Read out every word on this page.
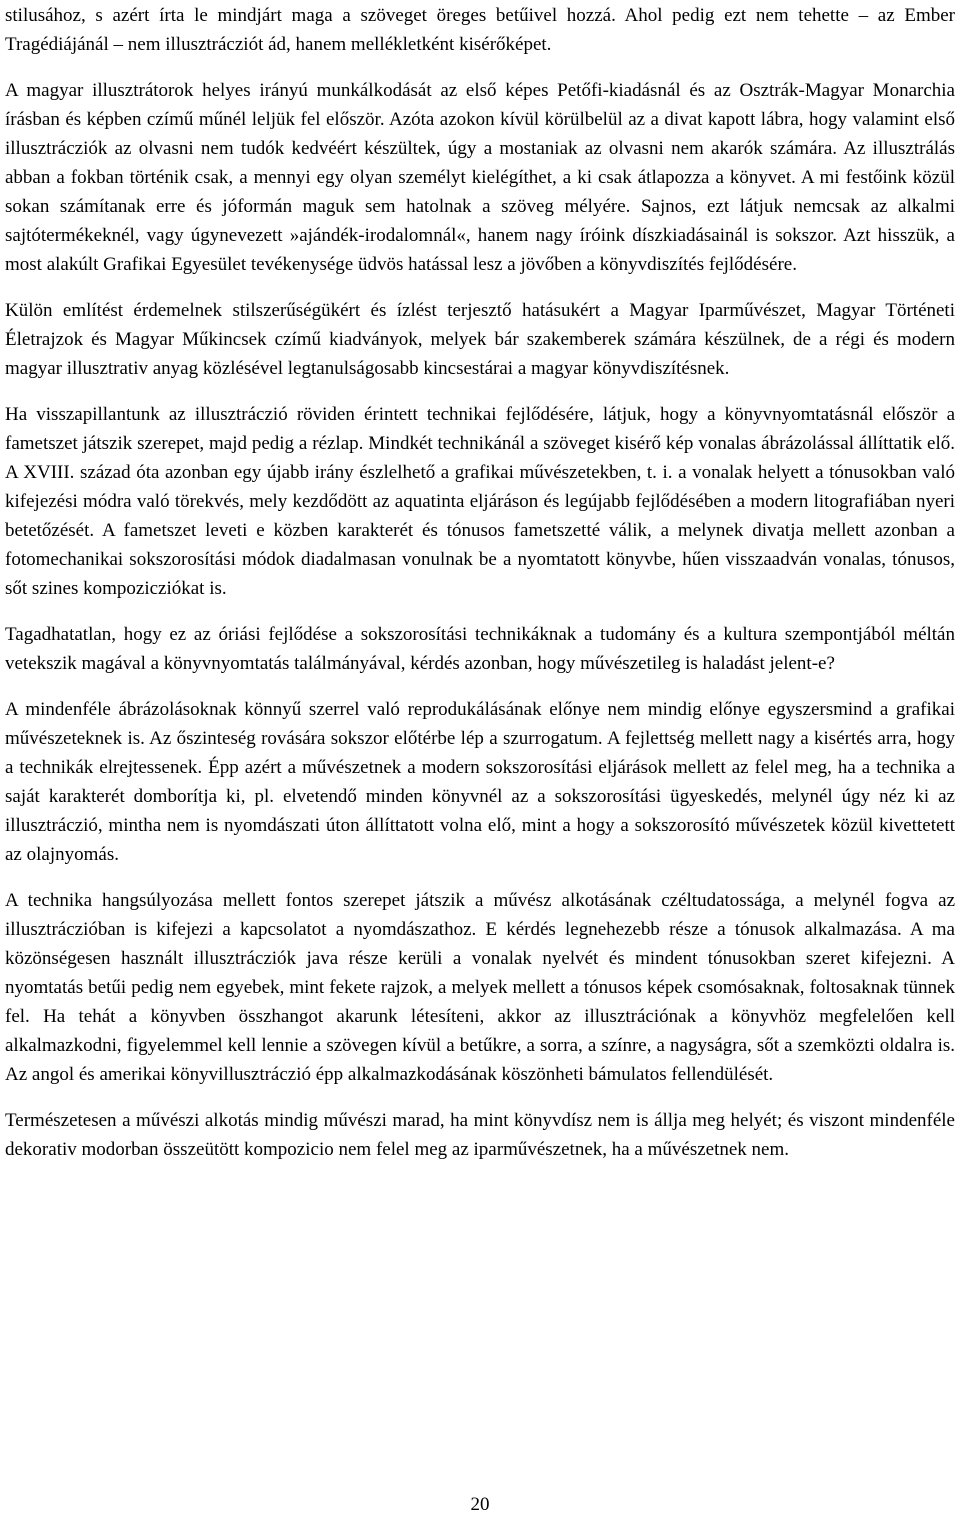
stilusához, s azért írta le mindjárt maga a szöveget öreges betűivel hozzá. Ahol pedig ezt nem tehette – az Ember Tragédiájánál – nem illusztrácziót ád, hanem mellékletként kisérőképet.

A magyar illusztrátorok helyes irányú munkálkodását az első képes Petőfi-kiadásnál és az Osztrák-Magyar Monarchia írásban és képben czímű műnél leljük fel először. Azóta azokon kívül körülbelül az a divat kapott lábra, hogy valamint első illusztrácziók az olvasni nem tudók kedvéért készültek, úgy a mostaniak az olvasni nem akarók számára. Az illusztrálás abban a fokban történik csak, a mennyi egy olyan személyt kielégíthet, a ki csak átlapozza a könyvet. A mi festőink közül sokan számítanak erre és jóformán maguk sem hatolnak a szöveg mélyére. Sajnos, ezt látjuk nemcsak az alkalmi sajtótermékeknél, vagy úgynevezett »ajándék-irodalomnál«, hanem nagy íróink díszkiadásainál is sokszor. Azt hisszük, a most alakúlt Grafikai Egyesület tevékenysége üdvös hatással lesz a jövőben a könyvdiszítés fejlődésére.

Külön említést érdemelnek stilszerűségükért és ízlést terjesztő hatásukért a Magyar Iparművészet, Magyar Történeti Életrajzok és Magyar Műkincsek czímű kiadványok, melyek bár szakemberek számára készülnek, de a régi és modern magyar illusztrativ anyag közlésével legtanulságosabb kincsestárai a magyar könyvdiszítésnek.

Ha visszapillantunk az illusztráczió röviden érintett technikai fejlődésére, látjuk, hogy a könyvnyomtatásnál először a fametszet játszik szerepet, majd pedig a rézlap. Mindkét technikánál a szöveget kisérő kép vonalas ábrázolással állíttatik elő. A XVIII. század óta azonban egy újabb irány észlelhető a grafikai művészetekben, t. i. a vonalak helyett a tónusokban való kifejezési módra való törekvés, mely kezdődött az aquatinta eljáráson és legújabb fejlődésében a modern litografiában nyeri betetőzését. A fametszet leveti e közben karakterét és tónusos fametszetté válik, a melynek divatja mellett azonban a fotomechanikai sokszorosítási módok diadalmasan vonulnak be a nyomtatott könyvbe, hűen visszaadván vonalas, tónusos, sőt szines kompozicziókat is.

Tagadhatatlan, hogy ez az óriási fejlődése a sokszorosítási technikáknak a tudomány és a kultura szempontjából méltán vetekszik magával a könyvnyomtatás találmányával, kérdés azonban, hogy művészetileg is haladást jelent-e?

A mindenféle ábrázolásoknak könnyű szerrel való reprodukálásának előnye nem mindig előnye egyszersmind a grafikai művészeteknek is. Az őszinteség rovására sokszor előtérbe lép a szurrogatum. A fejlettség mellett nagy a kisértés arra, hogy a technikák elrejtessenek. Épp azért a művészetnek a modern sokszorosítási eljárások mellett az felel meg, ha a technika a saját karakterét domborítja ki, pl. elvetendő minden könyvnél az a sokszorosítási ügyeskedés, melynél úgy néz ki az illusztráczió, mintha nem is nyomdászati úton állíttatott volna elő, mint a hogy a sokszorosító művészetek közül kivettetett az olajnyomás.

A technika hangsúlyozása mellett fontos szerepet játszik a művész alkotásának czéltudatossága, a melynél fogva az illusztráczióban is kifejezi a kapcsolatot a nyomdászathoz. E kérdés legnehezebb része a tónusok alkalmazása. A ma közönségesen használt illusztrácziók java része kerüli a vonalak nyelvét és mindent tónusokban szeret kifejezni. A nyomtatás betűi pedig nem egyebek, mint fekete rajzok, a melyek mellett a tónusos képek csomósaknak, foltosaknak tünnek fel. Ha tehát a könyvben összhangot akarunk létesíteni, akkor az illusztrációnak a könyvhöz megfelelően kell alkalmazkodni, figyelemmel kell lennie a szövegen kívül a betűkre, a sorra, a színre, a nagyságra, sőt a szemközti oldalra is. Az angol és amerikai könyvillusztráczió épp alkalmazkodásának köszönheti bámulatos fellendülését.

Természetesen a művészi alkotás mindig művészi marad, ha mint könyvdísz nem is állja meg helyét; és viszont mindenféle dekorativ modorban összeütött kompozicio nem felel meg az iparművészetnek, ha a művészetnek nem.

20
